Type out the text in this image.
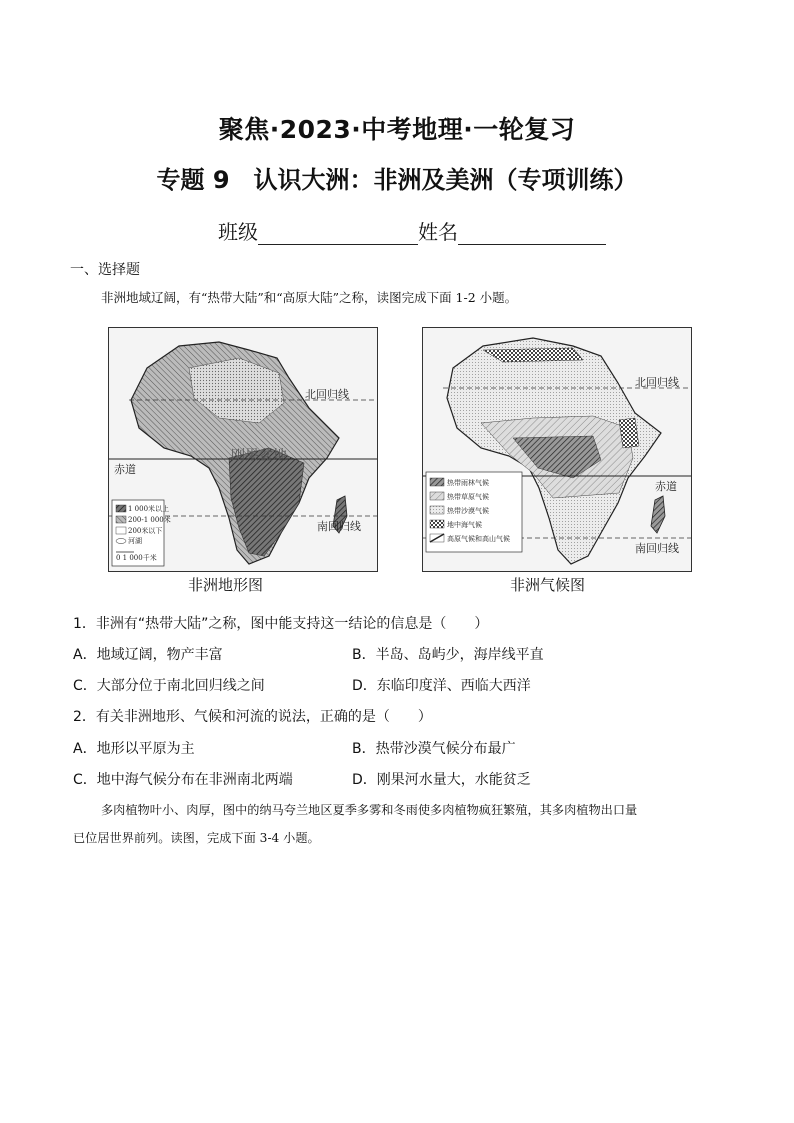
聚焦·2023·中考地理·一轮复习
专题 9　认识大洲：非洲及美洲（专项训练）
班级	姓名
一、选择题
非洲地域辽阔，有“热带大陆”和“高原大陆”之称，读图完成下面 1-2 小题。
1 000米以上
200-1 000米
200米以下
河湖
0 1 000千米
赤道
北回归线
南回归线
刚果盆地
非洲地形图
热带雨林气候
热带草原气候
热带沙漠气候
地中海气候
高原气候和高山气候
赤道
北回归线
南回归线
非洲气候图
1．非洲有“热带大陆”之称，图中能支持这一结论的信息是（　　）
A．地域辽阔，物产丰富	B．半岛、岛屿少，海岸线平直
C．大部分位于南北回归线之间	D．东临印度洋、西临大西洋
2．有关非洲地形、气候和河流的说法，正确的是（　　）
A．地形以平原为主	B．热带沙漠气候分布最广
C．地中海气候分布在非洲南北两端	D．刚果河水量大，水能贫乏
多肉植物叶小、肉厚，图中的纳马夸兰地区夏季多雾和冬雨使多肉植物疯狂繁殖，其多肉植物出口量
已位居世界前列。读图，完成下面 3-4 小题。
